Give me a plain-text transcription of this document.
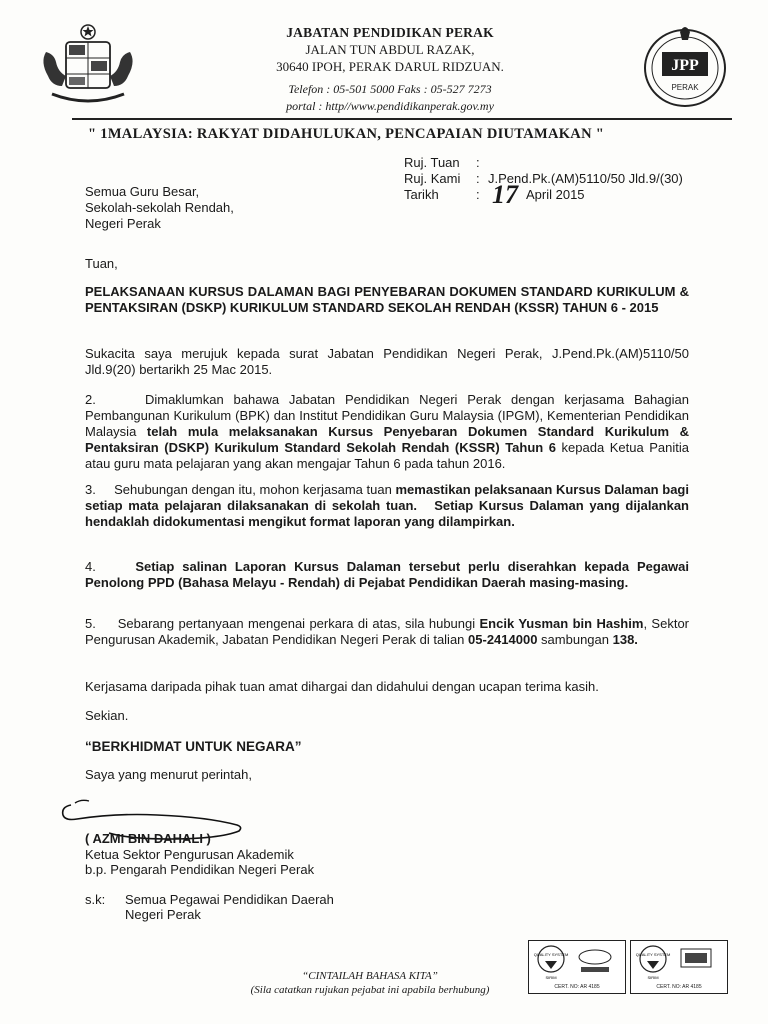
JABATAN PENDIDIKAN PERAK
JALAN TUN ABDUL RAZAK,
30640 IPOH, PERAK DARUL RIDZUAN.
Telefon : 05-501 5000 Faks : 05-527 7273
portal : http//www.pendidikanperak.gov.my
JPP
PERAK
" 1MALAYSIA: RAKYAT DIDAHULUKAN, PENCAPAIAN DIUTAMAKAN "
Ruj. Tuan	:
Ruj. Kami	: J.Pend.Pk.(AM)5110/50 Jld.9/(30)
Tarikh	: 17 April 2015
Semua Guru Besar,
Sekolah-sekolah Rendah,
Negeri Perak
Tuan,
PELAKSANAAN KURSUS DALAMAN BAGI PENYEBARAN DOKUMEN STANDARD KURIKULUM & PENTAKSIRAN (DSKP) KURIKULUM STANDARD SEKOLAH RENDAH (KSSR) TAHUN 6 - 2015
Sukacita saya merujuk kepada surat Jabatan Pendidikan Negeri Perak, J.Pend.Pk.(AM)5110/50 Jld.9(20) bertarikh 25 Mac 2015.
2.     Dimaklumkan bahawa Jabatan Pendidikan Negeri Perak dengan kerjasama Bahagian Pembangunan Kurikulum (BPK) dan Institut Pendidikan Guru Malaysia (IPGM), Kementerian Pendidikan Malaysia telah mula melaksanakan Kursus Penyebaran Dokumen Standard Kurikulum & Pentaksiran (DSKP) Kurikulum Standard Sekolah Rendah (KSSR) Tahun 6 kepada Ketua Panitia atau guru mata pelajaran yang akan mengajar Tahun 6 pada tahun 2016.
3.     Sehubungan dengan itu, mohon kerjasama tuan memastikan pelaksanaan Kursus Dalaman bagi setiap mata pelajaran dilaksanakan di sekolah tuan.   Setiap Kursus Dalaman yang dijalankan hendaklah didokumentasi mengikut format laporan yang dilampirkan.
4.     Setiap salinan Laporan Kursus Dalaman tersebut perlu diserahkan kepada Pegawai Penolong PPD (Bahasa Melayu - Rendah) di Pejabat Pendidikan Daerah masing-masing.
5.     Sebarang pertanyaan mengenai perkara di atas, sila hubungi Encik Yusman bin Hashim, Sektor Pengurusan Akademik, Jabatan Pendidikan Negeri Perak di talian 05-2414000 sambungan 138.
Kerjasama daripada pihak tuan amat dihargai dan didahului dengan ucapan terima kasih.
Sekian.
“BERKHIDMAT UNTUK NEGARA”
Saya yang menurut perintah,
( AZMI BIN DAHALI )
Ketua Sektor Pengurusan Akademik
b.p. Pengarah Pendidikan Negeri Perak
s.k: Semua Pegawai Pendidikan Daerah
Negeri Perak
“CINTAILAH BAHASA KITA”
(Sila catatkan rujukan pejabat ini apabila berhubung)
QUALITY SYSTEM
SIRIM
CERT. NO: AR 4185
QUALITY SYSTEM
SIRIM
CERT. NO: AR 4185
